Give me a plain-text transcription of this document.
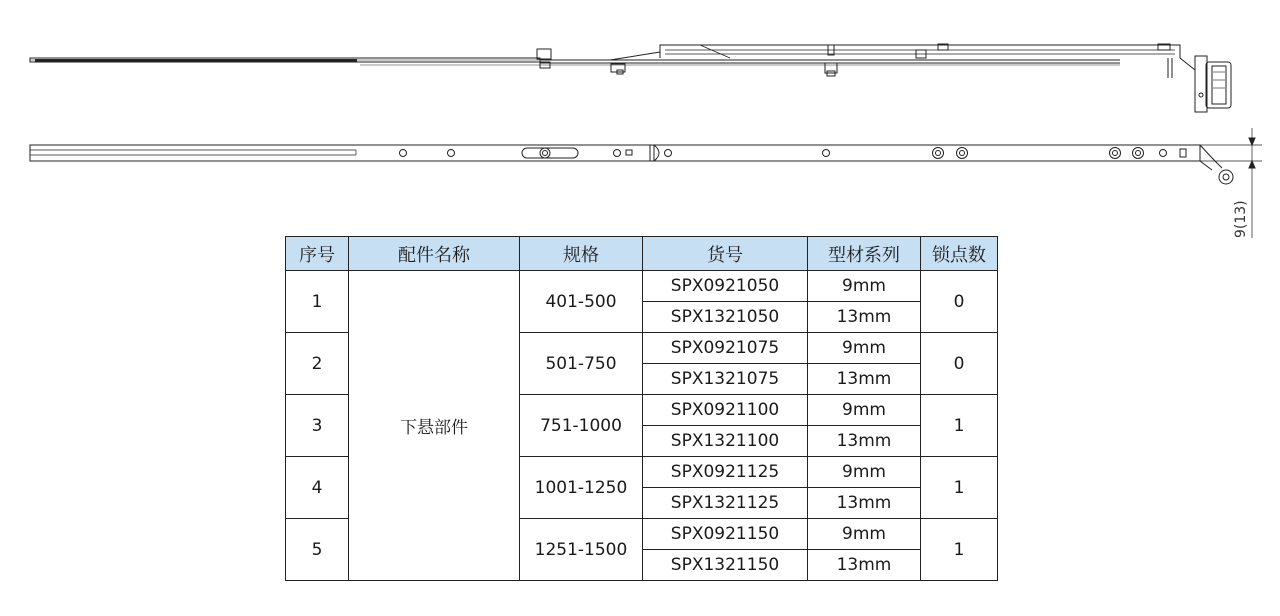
9(13)
序号	配件名称	规格	货号	型材系列	锁点数
1	下悬部件	401-500	SPX0921050	9mm	0
			SPX1321050	13mm	
2		501-750	SPX0921075	9mm	0
			SPX1321075	13mm	
3		751-1000	SPX0921100	9mm	1
			SPX1321100	13mm	
4		1001-1250	SPX0921125	9mm	1
			SPX1321125	13mm	
5		1251-1500	SPX0921150	9mm	1
			SPX1321150	13mm	
